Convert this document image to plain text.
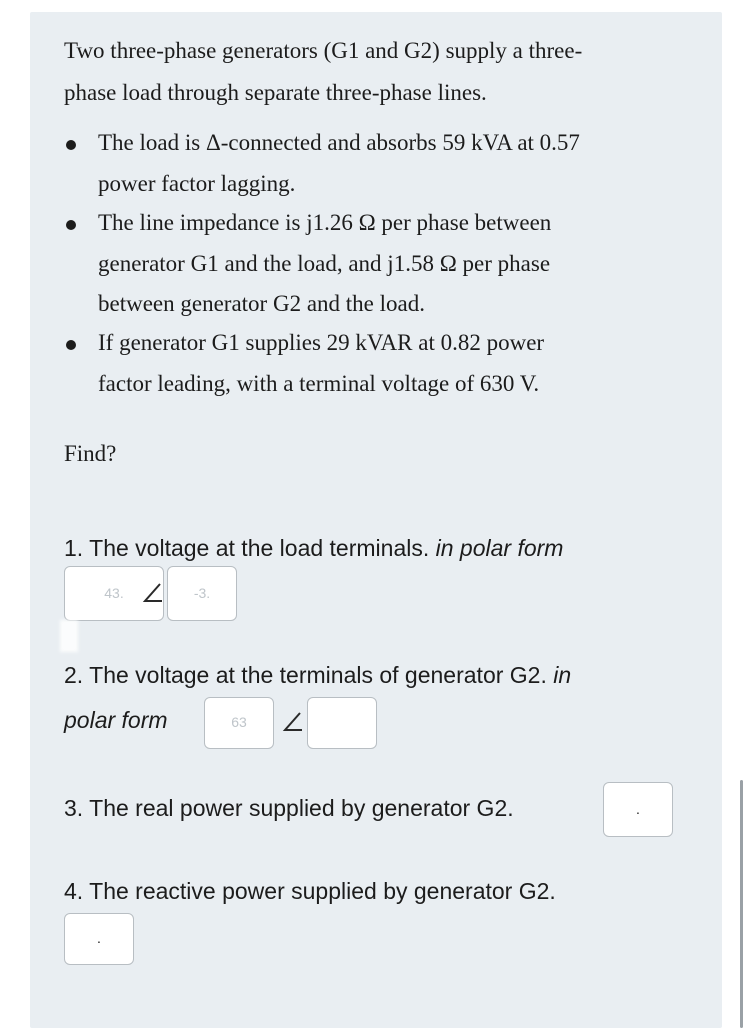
Two three-phase generators (G1 and G2) supply a three-
phase load through separate three-phase lines.
The load is Δ-connected and absorbs 59 kVA at 0.57
power factor lagging.
The line impedance is j1.26 Ω per phase between
generator G1 and the load, and j1.58 Ω per phase
between generator G2 and the load.
If generator G1 supplies 29 kVAR at 0.82 power
factor leading, with a terminal voltage of 630 V.
Find?
1. The voltage at the load terminals. in polar form
43.	-3.
2. The voltage at the terminals of generator G2. in
polar form	63
3. The real power supplied by generator G2.	.
4. The reactive power supplied by generator G2.
.
